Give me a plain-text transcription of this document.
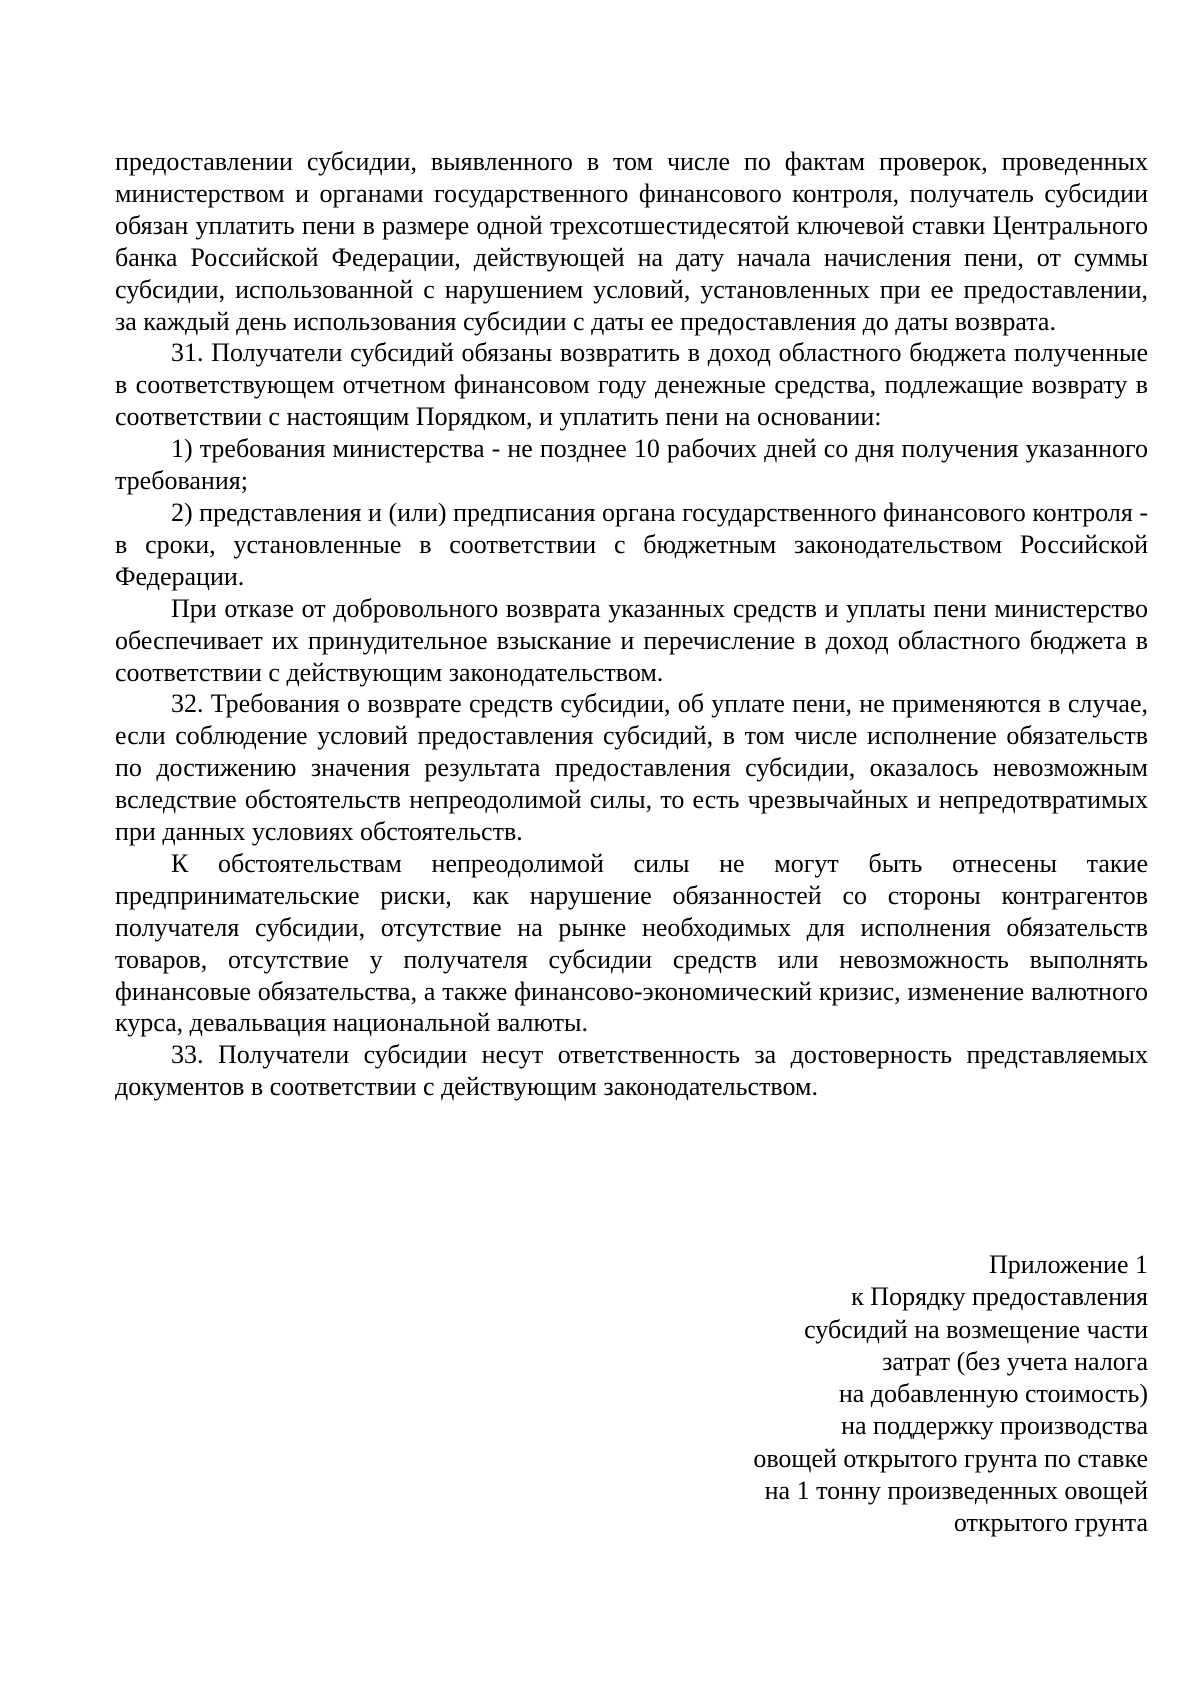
предоставлении субсидии, выявленного в том числе по фактам проверок, проведенных министерством и органами государственного финансового контроля, получатель субсидии обязан уплатить пени в размере одной трехсотшестидесятой ключевой ставки Центрального банка Российской Федерации, действующей на дату начала начисления пени, от суммы субсидии, использованной с нарушением условий, установленных при ее предоставлении, за каждый день использования субсидии с даты ее предоставления до даты возврата.

31. Получатели субсидий обязаны возвратить в доход областного бюджета полученные в соответствующем отчетном финансовом году денежные средства, подлежащие возврату в соответствии с настоящим Порядком, и уплатить пени на основании:

1) требования министерства - не позднее 10 рабочих дней со дня получения указанного требования;

2) представления и (или) предписания органа государственного финансового контроля - в сроки, установленные в соответствии с бюджетным законодательством Российской Федерации.

При отказе от добровольного возврата указанных средств и уплаты пени министерство обеспечивает их принудительное взыскание и перечисление в доход областного бюджета в соответствии с действующим законодательством.

32. Требования о возврате средств субсидии, об уплате пени, не применяются в случае, если соблюдение условий предоставления субсидий, в том числе исполнение обязательств по достижению значения результата предоставления субсидии, оказалось невозможным вследствие обстоятельств непреодолимой силы, то есть чрезвычайных и непредотвратимых при данных условиях обстоятельств.

К обстоятельствам непреодолимой силы не могут быть отнесены такие предпринимательские риски, как нарушение обязанностей со стороны контрагентов получателя субсидии, отсутствие на рынке необходимых для исполнения обязательств товаров, отсутствие у получателя субсидии средств или невозможность выполнять финансовые обязательства, а также финансово-экономический кризис, изменение валютного курса, девальвация национальной валюты.

33. Получатели субсидии несут ответственность за достоверность представляемых документов в соответствии с действующим законодательством.

Приложение 1
к Порядку предоставления
субсидий на возмещение части
затрат (без учета налога
на добавленную стоимость)
на поддержку производства
овощей открытого грунта по ставке
на 1 тонну произведенных овощей
открытого грунта
